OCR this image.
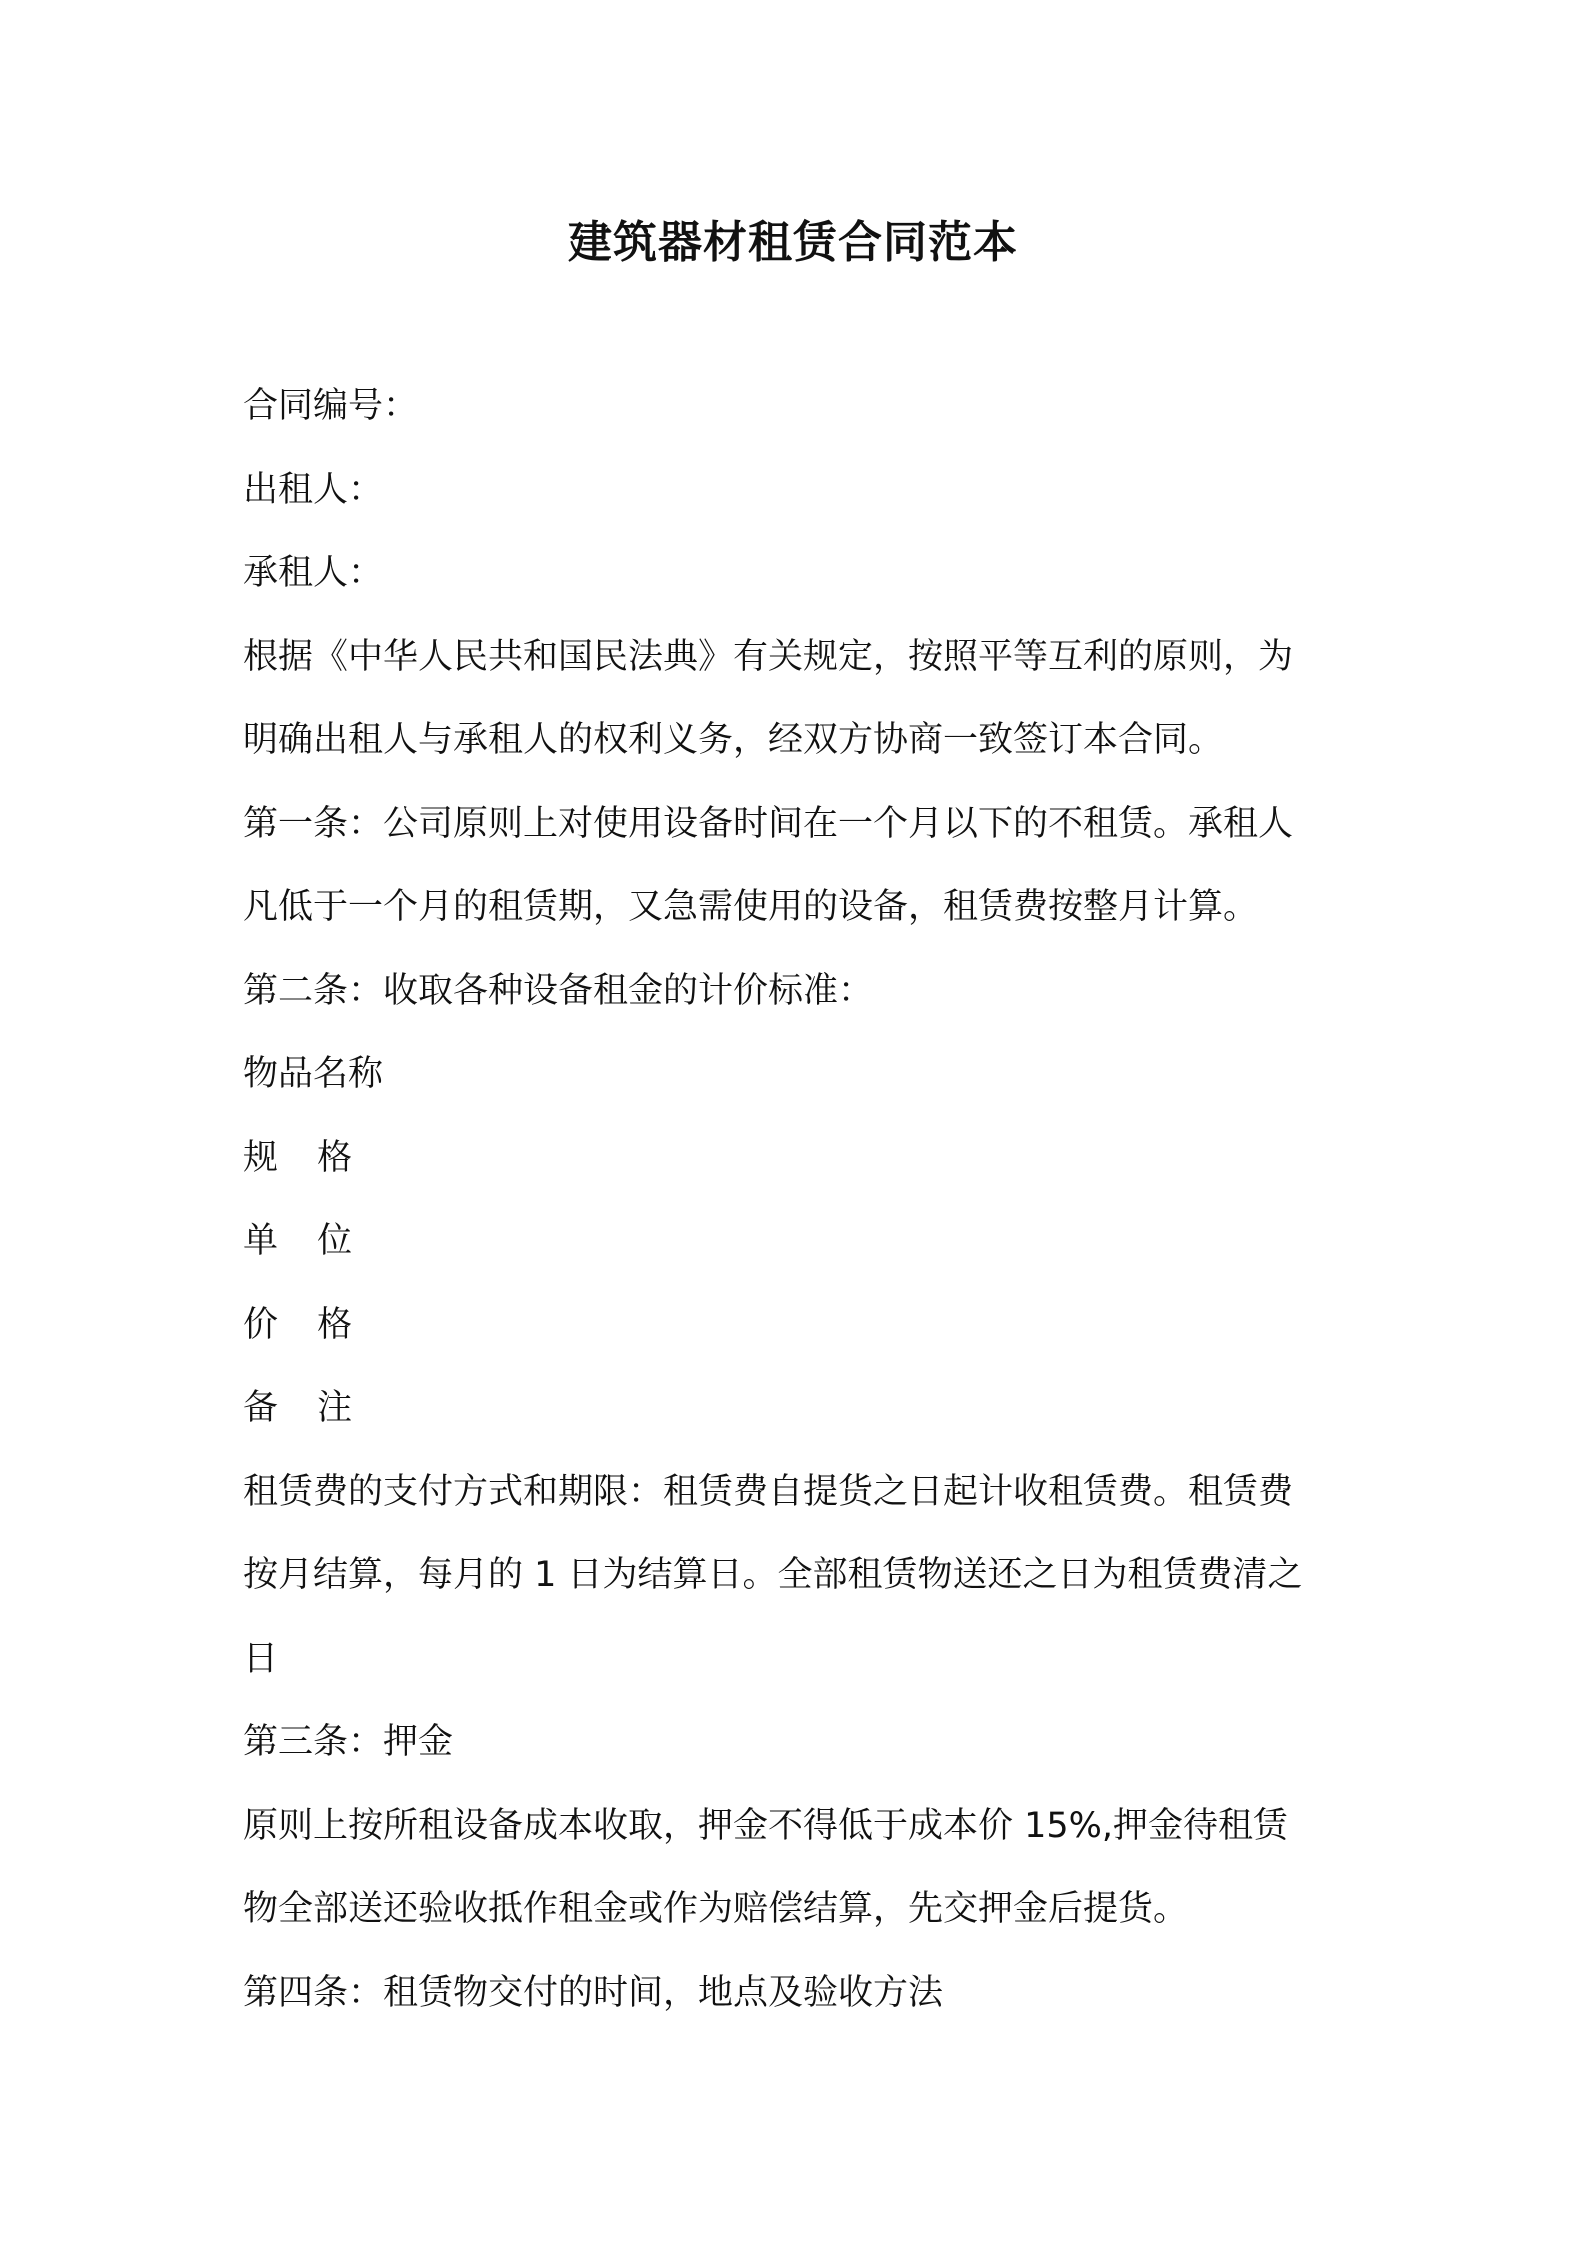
建筑器材租赁合同范本
合同编号：
出租人：
承租人：
根据《中华人民共和国民法典》有关规定，按照平等互利的原则，为
明确出租人与承租人的权利义务，经双方协商一致签订本合同。
第一条：公司原则上对使用设备时间在一个月以下的不租赁。承租人
凡低于一个月的租赁期，又急需使用的设备，租赁费按整月计算。
第二条：收取各种设备租金的计价标准：
物品名称
规 格
单 位
价 格
备 注
租赁费的支付方式和期限：租赁费自提货之日起计收租赁费。租赁费
按月结算，每月的 1 日为结算日。全部租赁物送还之日为租赁费清之
日
第三条：押金
原则上按所租设备成本收取，押金不得低于成本价 15%,押金待租赁
物全部送还验收抵作租金或作为赔偿结算，先交押金后提货。
第四条：租赁物交付的时间，地点及验收方法
